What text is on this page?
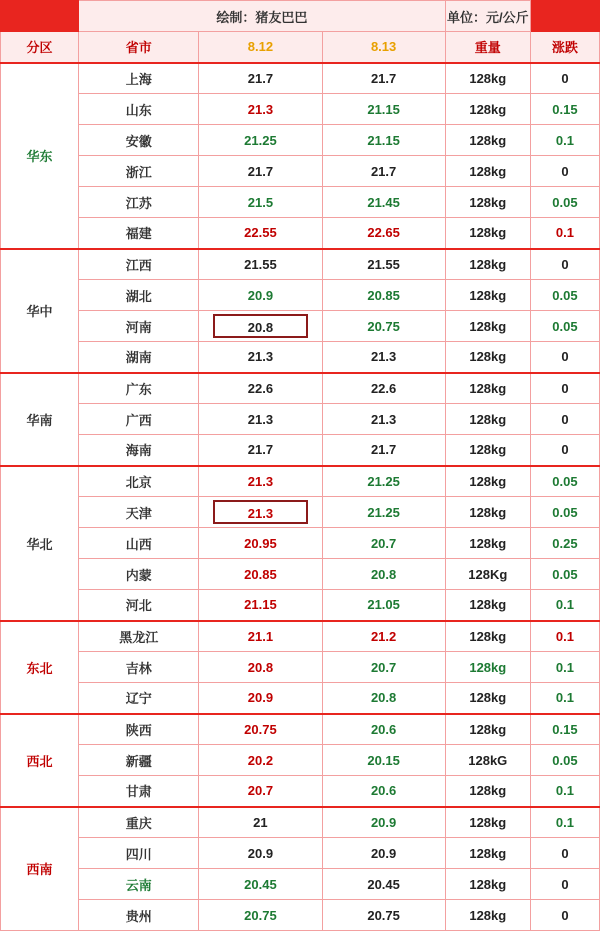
	绘制：猪友巴巴			单位：元/公斤	
分区	省市	8.12	8.13	重量	涨跌
华东	上海	21.7	21.7	128kg	0
	山东	21.3	21.15	128kg	0.15
	安徽	21.25	21.15	128kg	0.1
	浙江	21.7	21.7	128kg	0
	江苏	21.5	21.45	128kg	0.05
	福建	22.55	22.65	128kg	0.1
华中	江西	21.55	21.55	128kg	0
	湖北	20.9	20.85	128kg	0.05
	河南	20.8	20.75	128kg	0.05
	湖南	21.3	21.3	128kg	0
华南	广东	22.6	22.6	128kg	0
	广西	21.3	21.3	128kg	0
	海南	21.7	21.7	128kg	0
华北	北京	21.3	21.25	128kg	0.05
	天津	21.3	21.25	128kg	0.05
	山西	20.95	20.7	128kg	0.25
	内蒙	20.85	20.8	128Kg	0.05
	河北	21.15	21.05	128kg	0.1
东北	黑龙江	21.1	21.2	128kg	0.1
	吉林	20.8	20.7	128kg	0.1
	辽宁	20.9	20.8	128kg	0.1
西北	陕西	20.75	20.6	128kg	0.15
	新疆	20.2	20.15	128kG	0.05
	甘肃	20.7	20.6	128kg	0.1
西南	重庆	21	20.9	128kg	0.1
	四川	20.9	20.9	128kg	0
	云南	20.45	20.45	128kg	0
	贵州	20.75	20.75	128kg	0
